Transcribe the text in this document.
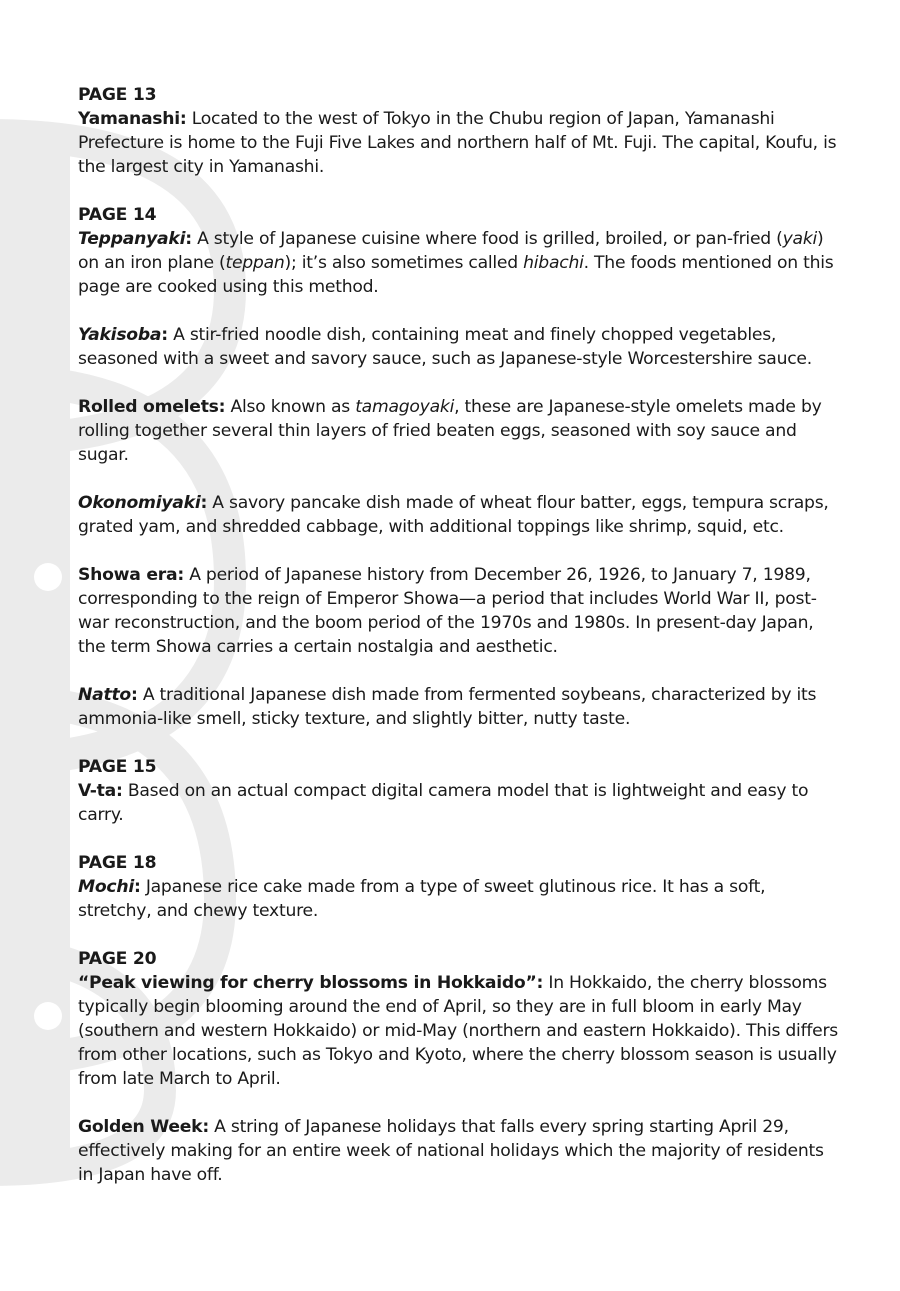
PAGE 13

Yamanashi: Located to the west of Tokyo in the Chubu region of Japan, Yamanashi Prefecture is home to the Fuji Five Lakes and northern half of Mt. Fuji. The capital, Koufu, is the largest city in Yamanashi.

PAGE 14

Teppanyaki: A style of Japanese cuisine where food is grilled, broiled, or pan-fried (yaki) on an iron plane (teppan); it’s also sometimes called hibachi. The foods mentioned on this page are cooked using this method.

Yakisoba: A stir-fried noodle dish, containing meat and finely chopped vegetables, seasoned with a sweet and savory sauce, such as Japanese-style Worcestershire sauce.

Rolled omelets: Also known as tamagoyaki, these are Japanese-style omelets made by rolling together several thin layers of fried beaten eggs, seasoned with soy sauce and sugar.

Okonomiyaki: A savory pancake dish made of wheat flour batter, eggs, tempura scraps, grated yam, and shredded cabbage, with additional toppings like shrimp, squid, etc.

Showa era: A period of Japanese history from December 26, 1926, to January 7, 1989, corresponding to the reign of Emperor Showa—a period that includes World War II, post-war reconstruction, and the boom period of the 1970s and 1980s. In present-day Japan, the term Showa carries a certain nostalgia and aesthetic.

Natto: A traditional Japanese dish made from fermented soybeans, characterized by its ammonia-like smell, sticky texture, and slightly bitter, nutty taste.

PAGE 15

V-ta: Based on an actual compact digital camera model that is lightweight and easy to carry.

PAGE 18

Mochi: Japanese rice cake made from a type of sweet glutinous rice. It has a soft, stretchy, and chewy texture.

PAGE 20

“Peak viewing for cherry blossoms in Hokkaido”: In Hokkaido, the cherry blossoms typically begin blooming around the end of April, so they are in full bloom in early May (southern and western Hokkaido) or mid-May (northern and eastern Hokkaido). This differs from other locations, such as Tokyo and Kyoto, where the cherry blossom season is usually from late March to April.

Golden Week: A string of Japanese holidays that falls every spring starting April 29, effectively making for an entire week of national holidays which the majority of residents in Japan have off.
